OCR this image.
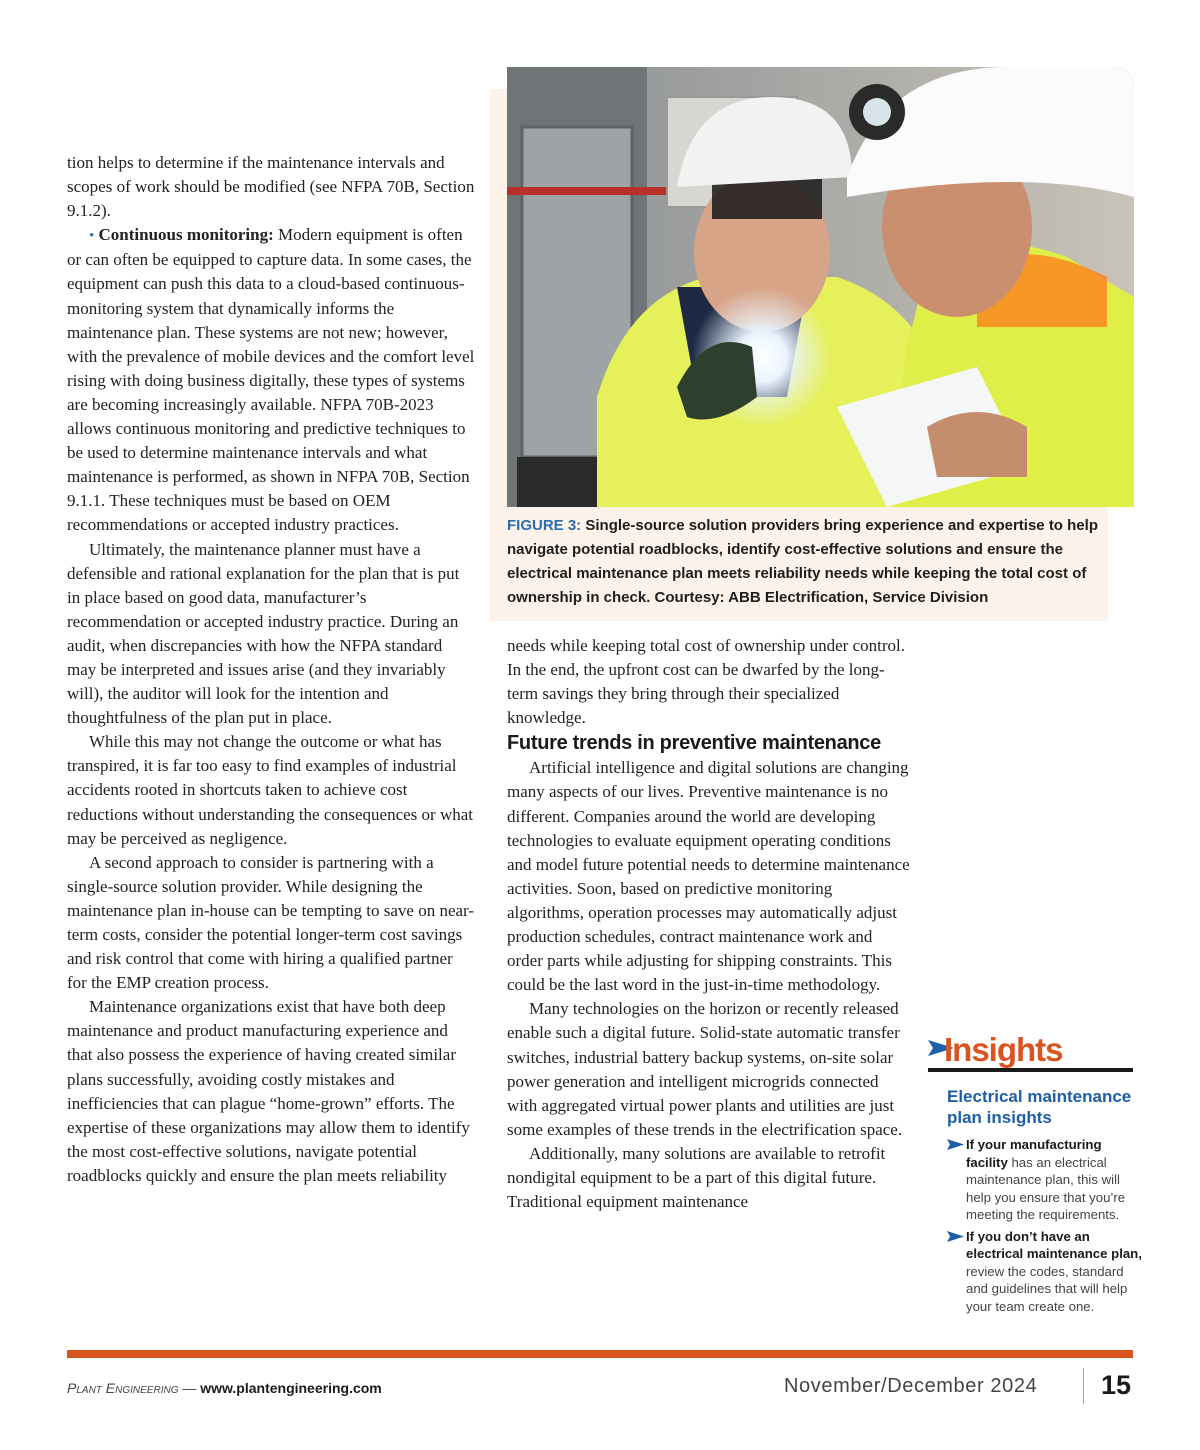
tion helps to determine if the maintenance intervals and scopes of work should be modified (see NFPA 70B, Section 9.1.2).

• Continuous monitoring: Modern equipment is often or can often be equipped to capture data. In some cases, the equipment can push this data to a cloud-based continuous-monitoring system that dynamically informs the maintenance plan. These systems are not new; however, with the prevalence of mobile devices and the comfort level rising with doing business digitally, these types of systems are becoming increasingly available. NFPA 70B-2023 allows continuous monitoring and predictive techniques to be used to determine maintenance intervals and what maintenance is performed, as shown in NFPA 70B, Section 9.1.1. These techniques must be based on OEM recommendations or accepted industry practices.

Ultimately, the maintenance planner must have a defensible and rational explanation for the plan that is put in place based on good data, manufacturer’s recommendation or accepted industry practice. During an audit, when discrepancies with how the NFPA standard may be interpreted and issues arise (and they invariably will), the auditor will look for the intention and thoughtfulness of the plan put in place.

While this may not change the outcome or what has transpired, it is far too easy to find examples of industrial accidents rooted in shortcuts taken to achieve cost reductions without understanding the consequences or what may be perceived as negligence.

A second approach to consider is partnering with a single-source solution provider. While designing the maintenance plan in-house can be tempting to save on near-term costs, consider the potential longer-term cost savings and risk control that come with hiring a qualified partner for the EMP creation process.

Maintenance organizations exist that have both deep maintenance and product manufacturing experience and that also possess the experience of having created similar plans successfully, avoiding costly mistakes and inefficiencies that can plague “home-grown” efforts. The expertise of these organizations may allow them to identify the most cost-effective solutions, navigate potential roadblocks quickly and ensure the plan meets reliability

FIGURE 3: Single-source solution providers bring experience and expertise to help navigate potential roadblocks, identify cost-effective solutions and ensure the electrical maintenance plan meets reliability needs while keeping the total cost of ownership in check. Courtesy: ABB Electrification, Service Division

needs while keeping total cost of ownership under control. In the end, the upfront cost can be dwarfed by the long-term savings they bring through their specialized knowledge.

Future trends in preventive maintenance

Artificial intelligence and digital solutions are changing many aspects of our lives. Preventive maintenance is no different. Companies around the world are developing technologies to evaluate equipment operating conditions and model future potential needs to determine maintenance activities. Soon, based on predictive monitoring algorithms, operation processes may automatically adjust production schedules, contract maintenance work and order parts while adjusting for shipping constraints. This could be the last word in the just-in-time methodology.

Many technologies on the horizon or recently released enable such a digital future. Solid-state automatic transfer switches, industrial battery backup systems, on-site solar power generation and intelligent microgrids connected with aggregated virtual power plants and utilities are just some examples of these trends in the electrification space.

Additionally, many solutions are available to retrofit nondigital equipment to be a part of this digital future. Traditional equipment maintenance

Insights
Electrical maintenance plan insights
If your manufacturing facility has an electrical maintenance plan, this will help you ensure that you’re meeting the requirements.
If you don’t have an electrical maintenance plan, review the codes, standard and guidelines that will help your team create one.
Plant Engineering — www.plantengineering.com	November/December 2024 15
